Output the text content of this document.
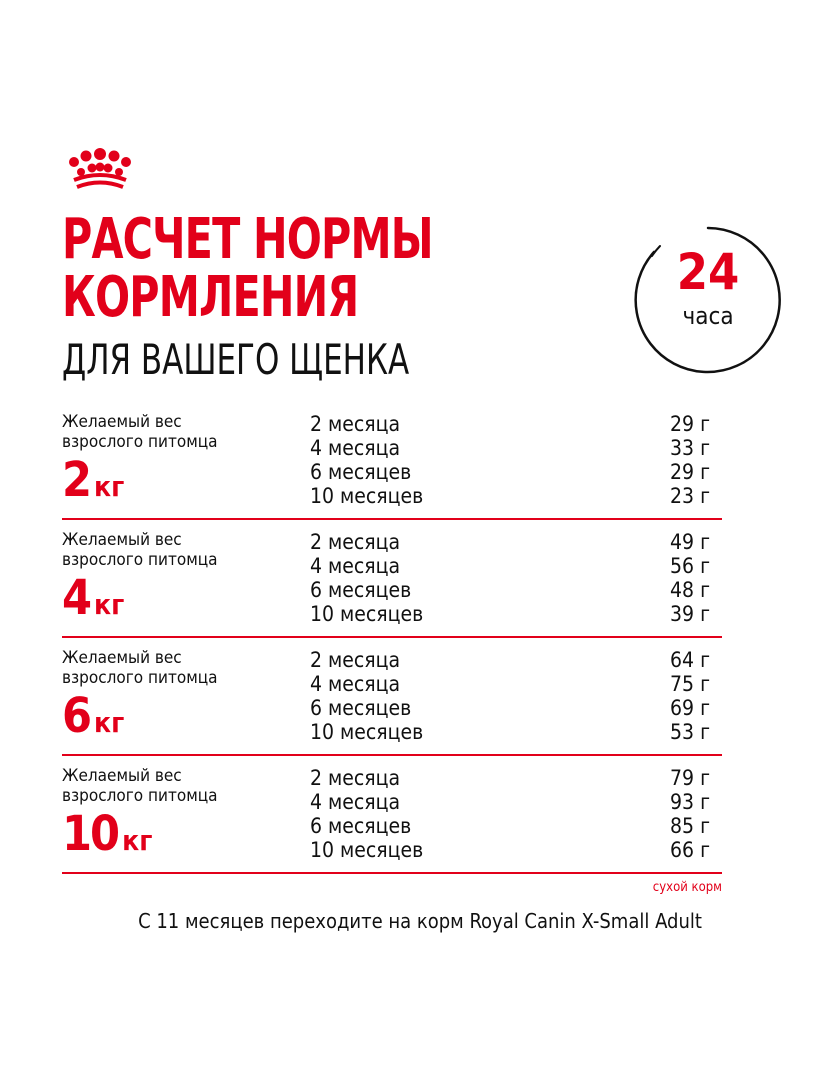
РАСЧЕТ НОРМЫ
КОРМЛЕНИЯ
ДЛЯ ВАШЕГО ЩЕНКА
24
часа
Желаемый вес
взрослого питомца
2 кг
2 месяца	29 г
4 месяца	33 г
6 месяцев	29 г
10 месяцев	23 г
Желаемый вес
взрослого питомца
4 кг
2 месяца	49 г
4 месяца	56 г
6 месяцев	48 г
10 месяцев	39 г
Желаемый вес
взрослого питомца
6 кг
2 месяца	64 г
4 месяца	75 г
6 месяцев	69 г
10 месяцев	53 г
Желаемый вес
взрослого питомца
10 кг
2 месяца	79 г
4 месяца	93 г
6 месяцев	85 г
10 месяцев	66 г
сухой корм
С 11 месяцев переходите на корм Royal Canin X-Small Adult
